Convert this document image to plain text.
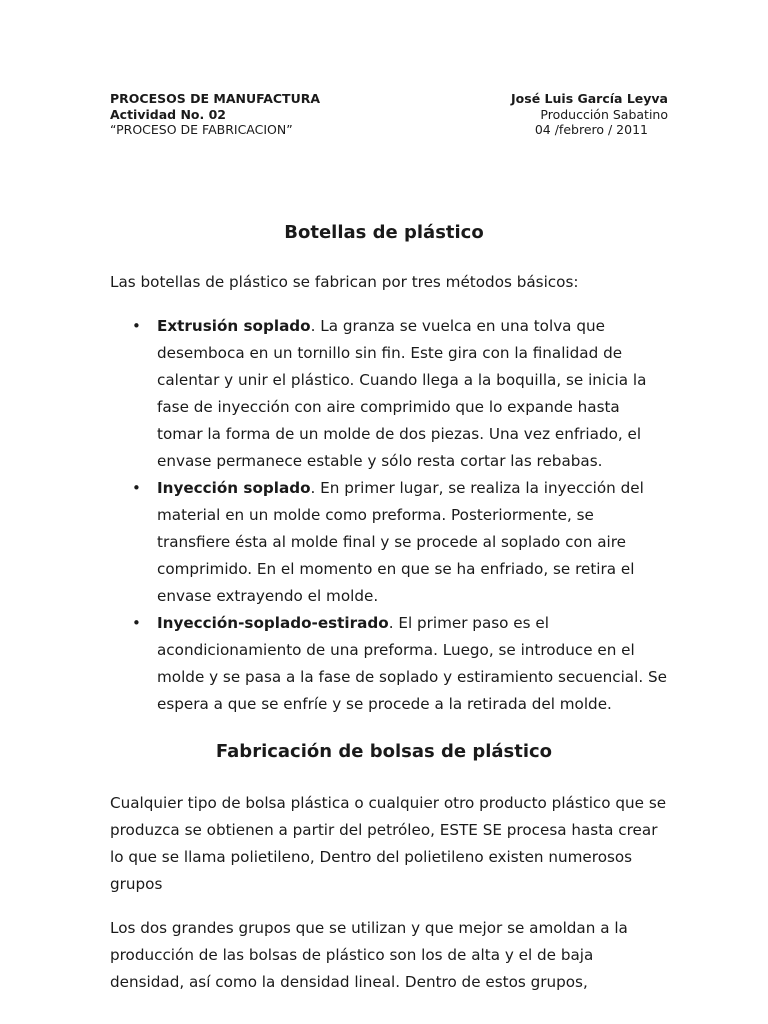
PROCESOS DE MANUFACTURA
Actividad No. 02
“PROCESO DE FABRICACION”
José Luis García Leyva
Producción Sabatino
04 /febrero / 2011
Botellas de plástico

Las botellas de plástico se fabrican por tres métodos básicos:

• Extrusión soplado. La granza se vuelca en una tolva que desemboca en un tornillo sin fin. Este gira con la finalidad de calentar y unir el plástico. Cuando llega a la boquilla, se inicia la fase de inyección con aire comprimido que lo expande hasta tomar la forma de un molde de dos piezas. Una vez enfriado, el envase permanece estable y sólo resta cortar las rebabas.
• Inyección soplado. En primer lugar, se realiza la inyección del material en un molde como preforma. Posteriormente, se transfiere ésta al molde final y se procede al soplado con aire comprimido. En el momento en que se ha enfriado, se retira el envase extrayendo el molde.
• Inyección-soplado-estirado. El primer paso es el acondicionamiento de una preforma. Luego, se introduce en el molde y se pasa a la fase de soplado y estiramiento secuencial. Se espera a que se enfríe y se procede a la retirada del molde.
Fabricación de bolsas de plástico

Cualquier tipo de bolsa plástica o cualquier otro producto plástico que se produzca se obtienen a partir del petróleo, ESTE SE procesa hasta crear lo que se llama polietileno, Dentro del polietileno existen numerosos grupos

Los dos grandes grupos que se utilizan y que mejor se amoldan a la producción de las bolsas de plástico son los de alta y el de baja densidad, así como la densidad lineal. Dentro de estos grupos,
